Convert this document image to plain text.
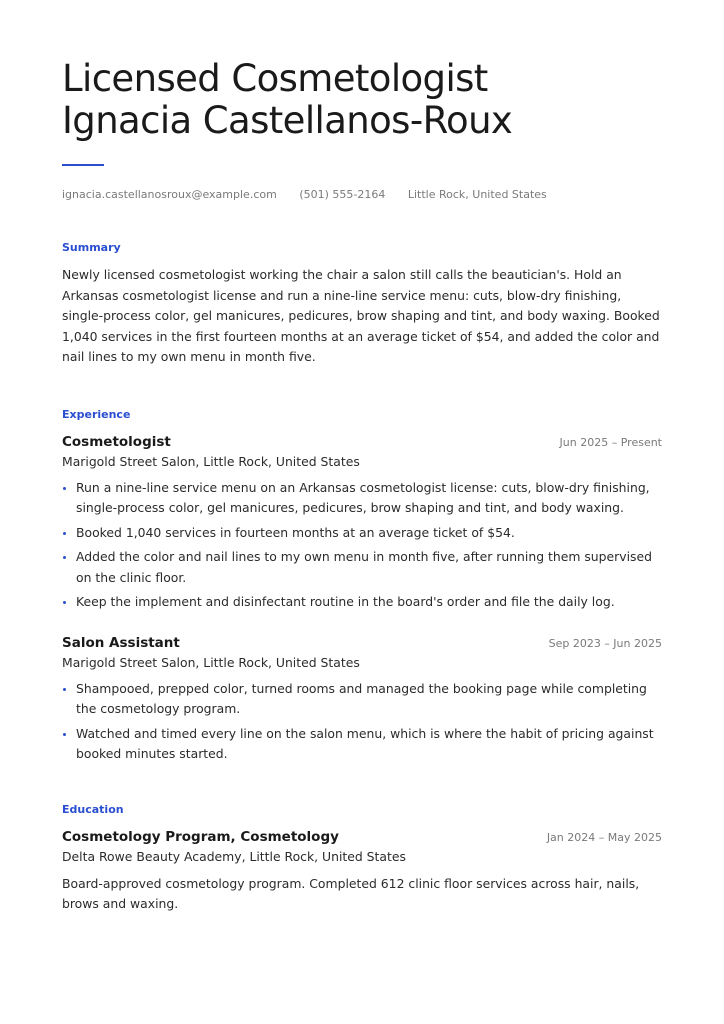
Licensed Cosmetologist
Ignacia Castellanos-Roux
ignacia.castellanosroux@example.com (501) 555-2164 Little Rock, United States
Summary

Newly licensed cosmetologist working the chair a salon still calls the beautician's. Hold an Arkansas cosmetologist license and run a nine-line service menu: cuts, blow-dry finishing, single-process color, gel manicures, pedicures, brow shaping and tint, and body waxing. Booked 1,040 services in the first fourteen months at an average ticket of $54, and added the color and nail lines to my own menu in month five.

Experience
Cosmetologist	Jun 2025 – Present
Marigold Street Salon, Little Rock, United States
Run a nine-line service menu on an Arkansas cosmetologist license: cuts, blow-dry finishing, single-process color, gel manicures, pedicures, brow shaping and tint, and body waxing.
Booked 1,040 services in fourteen months at an average ticket of $54.
Added the color and nail lines to my own menu in month five, after running them supervised on the clinic floor.
Keep the implement and disinfectant routine in the board's order and file the daily log.
Salon Assistant	Sep 2023 – Jun 2025
Marigold Street Salon, Little Rock, United States
Shampooed, prepped color, turned rooms and managed the booking page while completing the cosmetology program.
Watched and timed every line on the salon menu, which is where the habit of pricing against booked minutes started.
Education
Cosmetology Program, Cosmetology	Jan 2024 – May 2025
Delta Rowe Beauty Academy, Little Rock, United States

Board-approved cosmetology program. Completed 612 clinic floor services across hair, nails, brows and waxing.
